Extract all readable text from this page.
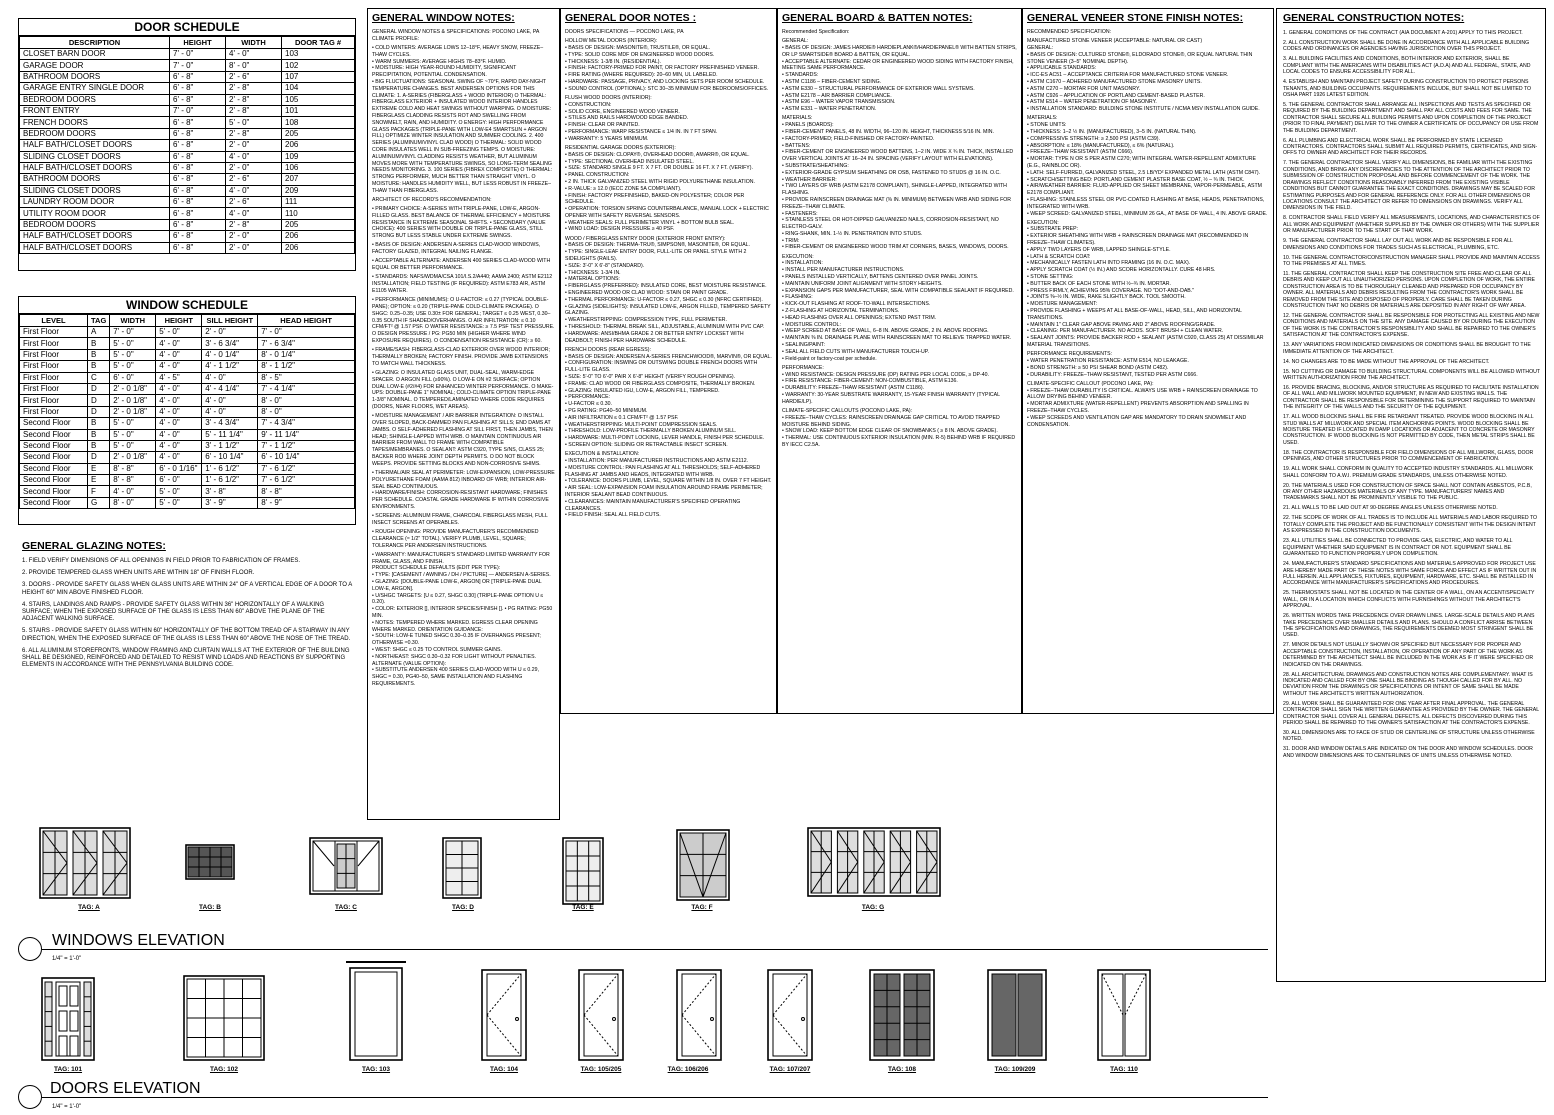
DOOR SCHEDULE
DESCRIPTION	HEIGHT	WIDTH	DOOR TAG #
CLOSET BARN DOOR	7' - 0"	4' - 0"	103
GARAGE DOOR	7' - 0"	8' - 0"	102
BATHROOM DOORS	6' - 8"	2' - 6"	107
GARAGE ENTRY SINGLE DOOR	6' - 8"	2' - 8"	104
BEDROOM DOORS	6' - 8"	2' - 8"	105
FRONT ENTRY	7' - 0"	2' - 8"	101
FRENCH DOORS	6' - 8"	5' - 0"	108
BEDROOM DOORS	6' - 8"	2' - 8"	205
HALF BATH/CLOSET DOORS	6' - 8"	2' - 0"	206
SLIDING CLOSET DOORS	6' - 8"	4' - 0"	109
HALF BATH/CLOSET DOORS	6' - 8"	2' - 0"	106
BATHROOM DOORS	6' - 8"	2' - 6"	207
SLIDING CLOSET DOORS	6' - 8"	4' - 0"	209
LAUNDRY ROOM DOOR	6' - 8"	2' - 6"	111
UTILITY ROOM DOOR	6' - 8"	4' - 0"	110
BEDROOM DOORS	6' - 8"	2' - 8"	205
HALF BATH/CLOSET DOORS	6' - 8"	2' - 0"	206
HALF BATH/CLOSET DOORS	6' - 8"	2' - 0"	206
WINDOW SCHEDULE
LEVEL	TAG	WIDTH	HEIGHT	SILL HEIGHT	HEAD HEIGHT
First Floor	A	7' - 0"	5' - 0"	2' - 0"	7' - 0"
First Floor	B	5' - 0"	4' - 0"	3' - 6 3/4"	7' - 6 3/4"
First Floor	B	5' - 0"	4' - 0"	4' - 0 1/4"	8' - 0 1/4"
First Floor	B	5' - 0"	4' - 0"	4' - 1 1/2"	8' - 1 1/2"
First Floor	C	6' - 0"	4' - 5"	4' - 0"	8' - 5"
First Floor	D	2' - 0 1/8"	4' - 0"	4' - 4 1/4"	7' - 4 1/4"
First Floor	D	2' - 0 1/8"	4' - 0"	4' - 0"	8' - 0"
First Floor	D	2' - 0 1/8"	4' - 0"	4' - 0"	8' - 0"
Second Floor	B	5' - 0"	4' - 0"	3' - 4 3/4"	7' - 4 3/4"
Second Floor	B	5' - 0"	4' - 0"	5' - 11 1/4"	9' - 11 1/4"
Second Floor	B	5' - 0"	4' - 0"	3' - 1 1/2"	7' - 1 1/2"
Second Floor	D	2' - 0 1/8"	4' - 0"	6' - 10 1/4"	6' - 10 1/4"
Second Floor	E	8' - 8"	6' - 0 1/16"	1' - 6 1/2"	7' - 6 1/2"
Second Floor	E	8' - 8"	6' - 0"	1' - 6 1/2"	7' - 6 1/2"
Second Floor	F	4' - 0"	5' - 0"	3' - 8"	8' - 8"
Second Floor	G	8' - 0"	5' - 0"	3' - 9"	8' - 9"
GENERAL GLAZING NOTES:

1. FIELD VERIFY DIMENSIONS OF ALL OPENINGS IN FIELD PRIOR TO FABRICATION OF FRAMES.

2. PROVIDE TEMPERED GLASS WHEN UNITS ARE WITHIN 18" OF FINISH FLOOR.

3. DOORS - PROVIDE SAFETY GLASS WHEN GLASS UNITS ARE WITHIN 24" OF A VERTICAL EDGE OF A DOOR TO A HEIGHT 60" MIN ABOVE FINISHED FLOOR.

4. STAIRS, LANDINGS AND RAMPS - PROVIDE SAFETY GLASS WITHIN 36" HORIZONTALLY OF A WALKING SURFACE; WHEN THE EXPOSED SURFACE OF THE GLASS IS LESS THAN 60" ABOVE THE PLANE OF THE ADJACENT WALKING SURFACE.

5. STAIRS - PROVIDE SAFETY GLASS WITHIN 60" HORIZONTALLY OF THE BOTTOM TREAD OF A STAIRWAY IN ANY DIRECTION, WHEN THE EXPOSED SURFACE OF THE GLASS IS LESS THAN 60" ABOVE THE NOSE OF THE TREAD.

6. ALL ALUMINUM STOREFRONTS, WINDOW FRAMING AND CURTAIN WALLS AT THE EXTERIOR OF THE BUILDING SHALL BE DESIGNED, REINFORCED AND DETAILED TO RESIST WIND LOADS AND REACTIONS BY SUPPORTING ELEMENTS IN ACCORDANCE WITH THE PENNSYLVANIA BUILDING CODE.

GENERAL WINDOW NOTES:

GENERAL WINDOW NOTES & SPECIFICATIONS: POCONO LAKE, PA
CLIMATE PROFILE:

• COLD WINTERS: AVERAGE LOWS 12–18°F, HEAVY SNOW, FREEZE–THAW CYCLES.
• WARM SUMMERS: AVERAGE HIGHS 78–83°F. HUMID.
• MOISTURE: HIGH YEAR-ROUND HUMIDITY, SIGNIFICANT PRECIPITATION, POTENTIAL CONDENSATION.
• BIG FLUCTUATIONS: SEASONAL SWING OF ~70°F, RAPID DAY-NIGHT TEMPERATURE CHANGES. BEST ANDERSEN OPTIONS FOR THIS CLIMATE: 1. A-SERIES (FIBERGLASS + WOOD INTERIOR) O THERMAL: FIBERGLASS EXTERIOR + INSULATED WOOD INTERIOR HANDLES EXTREME COLD AND HEAT SWINGS WITHOUT WARPING. O MOISTURE: FIBERGLASS CLADDING RESISTS ROT AND SWELLING FROM SNOWMELT, RAIN, AND HUMIDITY. O ENERGY: HIGH PERFORMANCE GLASS PACKAGES (TRIPLE-PANE WITH LOW-E4 SMARTSUN + ARGON FILL) OPTIMIZE WINTER INSULATION AND SUMMER COOLING. 2. 400 SERIES (ALUMINUM/VINYL CLAD WOOD) O THERMAL: SOLID WOOD CORE INSULATES WELL IN SUB-FREEZING TEMPS. O MOISTURE: ALUMINUM/VINYL CLADDING RESISTS WEATHER, BUT ALUMINUM MOVES MORE WITH TEMPERATURE SWINGS, SO LONG-TERM SEALING NEEDS MONITORING. 3. 100 SERIES (FIBREX COMPOSITE) O THERMAL: STRONG PERFORMER, MUCH BETTER THAN STRAIGHT VINYL. O MOISTURE: HANDLES HUMIDITY WELL, BUT LESS ROBUST IN FREEZE–THAW THAN FIBERGLASS.

ARCHITECT OF RECORD'S RECOMMENDATION:

• PRIMARY CHOICE: A-SERIES WITH TRIPLE-PANE, LOW-E, ARGON-FILLED GLASS. BEST BALANCE OF THERMAL EFFICIENCY + MOISTURE RESISTANCE IN EXTREME SEASONAL SHIFTS. • SECONDARY (VALUE CHOICE): 400 SERIES WITH DOUBLE OR TRIPLE-PANE GLASS, STILL STRONG BUT LESS STABLE UNDER EXTREME SWINGS.

• BASIS OF DESIGN: ANDERSEN A-SERIES CLAD-WOOD WINDOWS, FACTORY GLAZED, INTEGRAL NAILING FLANGE.

• ACCEPTABLE ALTERNATE: ANDERSEN 400 SERIES CLAD-WOOD WITH EQUAL OR BETTER PERFORMANCE.

• STANDARDS: NAFS/WDMA/CSA 101/I.S.2/A440; AAMA 2400; ASTM E2112 INSTALLATION; FIELD TESTING (IF REQUIRED): ASTM E783 AIR, ASTM E1105 WATER.

• PERFORMANCE (MINIMUMS): O U-FACTOR: ≤ 0.27 (TYPICAL DOUBLE-PANE); OPTION: ≤ 0.20 (TRIPLE-PANE COLD-CLIMATE PACKAGE). O SHGC: 0.25–0.35; USE 0.30± FOR GENERAL; TARGET ≤ 0.25 WEST, 0.30–0.35 SOUTH IF SHADED/OVERHANGS. O AIR INFILTRATION: ≤ 0.10 CFM/FT² @ 1.57 PSF. O WATER RESISTANCE: ≥ 7.5 PSF TEST PRESSURE. O DESIGN PRESSURE / PG: PG50 MIN (HIGHER WHERE WIND EXPOSURE REQUIRES). O CONDENSATION RESISTANCE (CR): ≥ 60.

• FRAME/SASH: FIBERGLASS-CLAD EXTERIOR OVER WOOD INTERIOR; THERMALLY BROKEN; FACTORY FINISH. PROVIDE JAMB EXTENSIONS TO MATCH WALL THICKNESS.

• GLAZING: O INSULATED GLASS UNIT, DUAL-SEAL, WARM-EDGE SPACER. O ARGON FILL (≥90%). O LOW-E ON #2 SURFACE; OPTION DUAL LOW-E (#2/#4) FOR ENHANCED WINTER PERFORMANCE. O MAKE-UPS: DOUBLE-PANE 1" NOMINAL; COLD-CLIMATE OPTION TRIPLE-PANE 1-3/8" NOMINAL. O TEMPERED/LAMINATED WHERE CODE REQUIRES (DOORS, NEAR FLOORS, WET AREAS).

• MOISTURE MANAGEMENT / AIR BARRIER INTEGRATION: O INSTALL OVER SLOPED, BACK-DAMMED PAN FLASHING AT SILLS; END DAMS AT JAMBS. O SELF-ADHERED FLASHING AT SILL FIRST, THEN JAMBS, THEN HEAD; SHINGLE-LAPPED WITH WRB. O MAINTAIN CONTINUOUS AIR BARRIER FROM WALL TO FRAME WITH COMPATIBLE TAPES/MEMBRANES. O SEALANT: ASTM C920, TYPE S/NS, CLASS 25; BACKER ROD WHERE JOINT DEPTH PERMITS. O DO NOT BLOCK WEEPS. PROVIDE SETTING BLOCKS AND NON-CORROSIVE SHIMS.

• THERMAL/AIR SEAL AT PERIMETER: LOW-EXPANSION, LOW-PRESSURE POLYURETHANE FOAM (AAMA 812) INBOARD OF WRB; INTERIOR AIR-SEAL BEAD CONTINUOUS.
• HARDWARE/FINISH: CORROSION-RESISTANT HARDWARE; FINISHES PER SCHEDULE. COASTAL GRADE HARDWARE IF WITHIN CORROSIVE ENVIRONMENTS.

• SCREENS: ALUMINUM FRAME, CHARCOAL FIBERGLASS MESH, FULL INSECT SCREENS AT OPERABLES.

• ROUGH OPENING: PROVIDE MANUFACTURER'S RECOMMENDED CLEARANCE (≈ 1/2" TOTAL). VERIFY PLUMB, LEVEL, SQUARE; TOLERANCE PER ANDERSEN INSTRUCTIONS.

• WARRANTY: MANUFACTURER'S STANDARD LIMITED WARRANTY FOR FRAME, GLASS, AND FINISH.
PRODUCT SCHEDULE DEFAULTS (EDIT PER TYPE):
• TYPE: [CASEMENT / AWNING / DH / PICTURE] — ANDERSEN A-SERIES.
• GLAZING: [DOUBLE-PANE LOW-E, ARGON] OR [TRIPLE-PANE DUAL LOW-E, ARGON].
• U/SHGC TARGETS: [U ≤ 0.27, SHGC 0.30] (TRIPLE-PANE OPTION U ≤ 0.20).
• COLOR: EXTERIOR [], INTERIOR SPECIES/FINISH []. • PG RATING: PG50 MIN.
• NOTES: TEMPERED WHERE MARKED. EGRESS CLEAR OPENING WHERE MARKED. ORIENTATION GUIDANCE:
• SOUTH: LOW-E TUNED SHGC 0.30–0.35 IF OVERHANGS PRESENT; OTHERWISE ≈0.30.
• WEST: SHGC ≤ 0.25 TO CONTROL SUMMER GAINS.
• NORTH/EAST: SHGC 0.30–0.32 FOR LIGHT WITHOUT PENALTIES. ALTERNATE (VALUE OPTION):
• SUBSTITUTE ANDERSEN 400 SERIES CLAD-WOOD WITH U ≤ 0.29, SHGC ≈ 0.30, PG40–50, SAME INSTALLATION AND FLASHING REQUIREMENTS.

GENERAL DOOR NOTES :

DOORS SPECIFICATIONS — POCONO LAKE, PA

HOLLOW METAL DOORS (INTERIOR):
• BASIS OF DESIGN: MASONITE®, TRUSTILE®, OR EQUAL.
• TYPE: SOLID CORE MDF OR ENGINEERED WOOD DOORS.
• THICKNESS: 1-3/8 IN. (RESIDENTIAL).
• FINISH: FACTORY-PRIMED FOR PAINT, OR FACTORY PREFINISHED VENEER.
• FIRE RATING (WHERE REQUIRED): 20–60 MIN, UL LABELED.
• HARDWARE: PASSAGE, PRIVACY, AND LOCKING SETS PER ROOM SCHEDULE.
• SOUND CONTROL (OPTIONAL): STC 30–35 MINIMUM FOR BEDROOMS/OFFICES.

FLUSH WOOD DOORS (INTERIOR):
• CONSTRUCTION:
• SOLID CORE, ENGINEERED WOOD VENEER.
• STILES AND RAILS HARDWOOD EDGE BANDED.
• FINISH: CLEAR OR PAINTED.
• PERFORMANCE: WARP RESISTANCE ≤ 1/4 IN. IN 7 FT SPAN.
• WARRANTY: 5 YEARS MINIMUM.

RESIDENTIAL GARAGE DOORS (EXTERIOR):
• BASIS OF DESIGN: CLOPAY®, OVERHEAD DOOR®, AMARR®, OR EQUAL.
• TYPE: SECTIONAL OVERHEAD INSULATED STEEL.
• SIZE: STANDARD SINGLE 9 FT. X 7 FT. OR DOUBLE 16 FT. X 7 FT. (VERIFY).
• PANEL CONSTRUCTION:
• 2 IN. THICK GALVANIZED STEEL WITH RIGID POLYURETHANE INSULATION.
• R-VALUE: ≥ 12.0 (IECC ZONE 5A COMPLIANT).
• FINISH: FACTORY PREFINISHED, BAKED-ON POLYESTER; COLOR PER SCHEDULE.
• OPERATION: TORSION SPRING COUNTERBALANCE, MANUAL LOCK + ELECTRIC OPENER WITH SAFETY REVERSAL SENSORS.
• WEATHER SEALS: FULL PERIMETER VINYL + BOTTOM BULB SEAL.
• WIND LOAD: DESIGN PRESSURE ≥ 40 PSF.

WOOD / FIBERGLASS ENTRY DOOR (EXTERIOR FRONT ENTRY):
• BASIS OF DESIGN: THERMA-TRU®, SIMPSON®, MASONITE®, OR EQUAL.
• TYPE: SINGLE-LEAF ENTRY DOOR, FULL-LITE OR PANEL STYLE WITH 2 SIDELIGHTS (RAILS).
• SIZE: 3'-0" X 6'-8" (STANDARD).
• THICKNESS: 1-3/4 IN.
• MATERIAL OPTIONS:
• FIBERGLASS (PREFERRED): INSULATED CORE, BEST MOISTURE RESISTANCE.
• ENGINEERED WOOD OR CLAD WOOD: STAIN OR PAINT GRADE.
• THERMAL PERFORMANCE: U-FACTOR ≤ 0.27, SHGC ≤ 0.30 (NFRC CERTIFIED).
• GLAZING (SIDELIGHTS): INSULATED LOW-E, ARGON FILLED, TEMPERED SAFETY GLAZING.
• WEATHERSTRIPPING: COMPRESSION TYPE, FULL PERIMETER.
• THRESHOLD: THERMAL BREAK SILL, ADJUSTABLE, ALUMINUM WITH PVC CAP.
• HARDWARE: ANSI/BHMA GRADE 2 OR BETTER ENTRY LOCKSET WITH DEADBOLT; FINISH PER HARDWARE SCHEDULE.

FRENCH DOORS (REAR EGRESS):
• BASIS OF DESIGN: ANDERSEN A-SERIES FRENCHWOOD®, MARVIN®, OR EQUAL.
• CONFIGURATION: INSWING OR OUTSWING DOUBLE FRENCH DOORS WITH FULL-LITE GLASS.
• SIZE: 5'-0" TO 6'-0" PAIR X 6'-8" HEIGHT (VERIFY ROUGH OPENING).
• FRAME: CLAD WOOD OR FIBERGLASS COMPOSITE, THERMALLY BROKEN.
• GLAZING: INSULATED IGU, LOW-E, ARGON FILL, TEMPERED.
• PERFORMANCE:
• U-FACTOR ≤ 0.30.
• PG RATING: PG40–50 MINIMUM.
• AIR INFILTRATION ≤ 0.1 CFM/FT² @ 1.57 PSF.
• WEATHERSTRIPPING: MULTI-POINT COMPRESSION SEALS.
• THRESHOLD: LOW-PROFILE THERMALLY BROKEN ALUMINUM SILL.
• HARDWARE: MULTI-POINT LOCKING, LEVER HANDLE, FINISH PER SCHEDULE.
• SCREEN OPTION: SLIDING OR RETRACTABLE INSECT SCREEN.

EXECUTION & INSTALLATION:
• INSTALLATION: PER MANUFACTURER INSTRUCTIONS AND ASTM E2112.
• MOISTURE CONTROL: PAN FLASHING AT ALL THRESHOLDS; SELF-ADHERED FLASHING AT JAMBS AND HEADS, INTEGRATED WITH WRB.
• TOLERANCE: DOORS PLUMB, LEVEL, SQUARE WITHIN 1/8 IN. OVER 7 FT HEIGHT.
• AIR SEAL: LOW-EXPANSION FOAM INSULATION AROUND FRAME PERIMETER; INTERIOR SEALANT BEAD CONTINUOUS.
• CLEARANCES: MAINTAIN MANUFACTURER'S SPECIFIED OPERATING CLEARANCES.
• FIELD FINISH: SEAL ALL FIELD CUTS.

GENERAL BOARD & BATTEN NOTES:

Recommended Specification:

GENERAL:
• BASIS OF DESIGN: JAMES HARDIE® HARDIEPLANK®/HARDIEPANEL® WITH BATTEN STRIPS, OR LP SMARTSIDE® BOARD & BATTEN, OR EQUAL.
• ACCEPTABLE ALTERNATE: CEDAR OR ENGINEERED WOOD SIDING WITH FACTORY FINISH, MEETING SAME PERFORMANCE.
• STANDARDS:
• ASTM C1186 – FIBER-CEMENT SIDING.
• ASTM E330 – STRUCTURAL PERFORMANCE OF EXTERIOR WALL SYSTEMS.
• ASTM E2178 – AIR BARRIER COMPLIANCE.
• ASTM E96 – WATER VAPOR TRANSMISSION.
• ASTM E331 – WATER PENETRATION.

MATERIALS:
• PANELS (BOARDS):
• FIBER-CEMENT PANELS, 48 IN. WIDTH, 96–120 IN. HEIGHT, THICKNESS 5/16 IN. MIN.
• FACTORY-PRIMED; FIELD-FINISHED OR FACTORY-PAINTED.
• BATTENS:
• FIBER-CEMENT OR ENGINEERED WOOD BATTENS, 1–2 IN. WIDE X ¾ IN. THICK, INSTALLED OVER VERTICAL JOINTS AT 16–24 IN. SPACING (VERIFY LAYOUT WITH ELEVATIONS).
• SUBSTRATE/SHEATHING:
• EXTERIOR-GRADE GYPSUM SHEATHING OR OSB, FASTENED TO STUDS @ 16 IN. O.C.
• WEATHER BARRIER:
• TWO LAYERS OF WRB (ASTM E2178 COMPLIANT), SHINGLE-LAPPED, INTEGRATED WITH FLASHING.
• PROVIDE RAINSCREEN DRAINAGE MAT (⅜ IN. MINIMUM) BETWEEN WRB AND SIDING FOR FREEZE–THAW CLIMATE.
• FASTENERS:
• STAINLESS STEEL OR HOT-DIPPED GALVANIZED NAILS, CORROSION-RESISTANT, NO ELECTRO-GALV.
• RING-SHANK, MIN. 1-½ IN. PENETRATION INTO STUDS.
• TRIM:
• FIBER-CEMENT OR ENGINEERED WOOD TRIM AT CORNERS, BASES, WINDOWS, DOORS.

EXECUTION:
• INSTALLATION:
• INSTALL PER MANUFACTURER INSTRUCTIONS.
• PANELS INSTALLED VERTICALLY, BATTENS CENTERED OVER PANEL JOINTS.
• MAINTAIN UNIFORM JOINT ALIGNMENT WITH STORY HEIGHTS.
• EXPANSION GAPS PER MANUFACTURER, SEAL WITH COMPATIBLE SEALANT IF REQUIRED.
• FLASHING:
• KICK-OUT FLASHING AT ROOF-TO-WALL INTERSECTIONS.
• Z-FLASHING AT HORIZONTAL TERMINATIONS.
• HEAD FLASHING OVER ALL OPENINGS; EXTEND PAST TRIM.
• MOISTURE CONTROL:
• WEEP SCREED AT BASE OF WALL, 6–8 IN. ABOVE GRADE, 2 IN. ABOVE ROOFING.
• MAINTAIN ⅜ IN. DRAINAGE PLANE WITH RAINSCREEN MAT TO RELIEVE TRAPPED WATER.
• SEALING/PAINT:
• SEAL ALL FIELD CUTS WITH MANUFACTURER TOUCH-UP.
• Field-paint or factory-coat per schedule.

PERFORMANCE:
• WIND RESISTANCE: DESIGN PRESSURE (DP) RATING PER LOCAL CODE, ≥ DP-40.
• FIRE RESISTANCE: FIBER-CEMENT: NON-COMBUSTIBLE, ASTM E136.
• DURABILITY: FREEZE–THAW RESISTANT (ASTM C1186).
• WARRANTY: 30-YEAR SUBSTRATE WARRANTY, 15-YEAR FINISH WARRANTY (TYPICAL HARDIE/LP).

CLIMATE-SPECIFIC CALLOUTS (POCONO LAKE, PA):
• FREEZE–THAW CYCLES: RAINSCREEN DRAINAGE GAP CRITICAL TO AVOID TRAPPED MOISTURE BEHIND SIDING.
• SNOW LOAD: KEEP BOTTOM EDGE CLEAR OF SNOWBANKS ( ≥ 8 IN. ABOVE GRADE).
• THERMAL: USE CONTINUOUS EXTERIOR INSULATION (MIN. R-5) BEHIND WRB IF REQUIRED BY IECC C2.5A.

GENERAL VENEER STONE FINISH NOTES:

RECOMMENDED SPECIFICATION:

MANUFACTURED STONE VENEER (ACCEPTABLE: NATURAL OR CAST)
GENERAL:
• BASIS OF DESIGN: CULTURED STONE®, ELDORADO STONE®, OR EQUAL NATURAL THIN STONE VENEER (3–5" NOMINAL DEPTH).
• APPLICABLE STANDARDS:
• ICC-ES AC51 – ACCEPTANCE CRITERIA FOR MANUFACTURED STONE VENEER.
• ASTM C1670 – ADHERED MANUFACTURED STONE MASONRY UNITS.
• ASTM C270 – MORTAR FOR UNIT MASONRY.
• ASTM C926 – APPLICATION OF PORTLAND CEMENT-BASED PLASTER.
• ASTM E514 – WATER PENETRATION OF MASONRY.
• INSTALLATION STANDARD: BUILDING STONE INSTITUTE / NCMA MSV INSTALLATION GUIDE.

MATERIALS:
• STONE UNITS:
• THICKNESS: 1–2 ½ IN. (MANUFACTURED), 3–5 IN. (NATURAL THIN).
• COMPRESSIVE STRENGTH: ≥ 2,500 PSI (ASTM C39).
• ABSORPTION: ≤ 18% (MANUFACTURED), ≤ 6% (NATURAL).
• FREEZE–THAW RESISTANT (ASTM C666).
• MORTAR: TYPE N OR S PER ASTM C270; WITH INTEGRAL WATER-REPELLENT ADMIXTURE (E.G., RAINBLOC OR).
• LATH: SELF-FURRED, GALVANIZED STEEL, 2.5 LB/YD² EXPANDED METAL LATH (ASTM C847).
• SCRATCH/SETTING BED: PORTLAND CEMENT PLASTER BASE COAT, ½ – ¾ IN. THICK.
• AIR/WEATHER BARRIER: FLUID-APPLIED OR SHEET MEMBRANE, VAPOR-PERMEABLE, ASTM E2178 COMPLIANT.
• FLASHING: STAINLESS STEEL OR PVC-COATED FLASHING AT BASE, HEADS, PENETRATIONS, INTEGRATED WITH WRB.
• WEEP SCREED: GALVANIZED STEEL, MINIMUM 26 GA., AT BASE OF WALL, 4 IN. ABOVE GRADE.

EXECUTION:
• SUBSTRATE PREP:
• EXTERIOR SHEATHING WITH WRB + RAINSCREEN DRAINAGE MAT (RECOMMENDED IN FREEZE–THAW CLIMATES).
• APPLY TWO LAYERS OF WRB, LAPPED SHINGLE-STYLE.
• LATH & SCRATCH COAT:
• MECHANICALLY FASTEN LATH INTO FRAMING (16 IN. O.C. MAX).
• APPLY SCRATCH COAT (½ IN.) AND SCORE HORIZONTALLY. CURE 48 HRS.
• STONE SETTING:
• BUTTER BACK OF EACH STONE WITH ½–¾ IN. MORTAR.
• PRESS FIRMLY, ACHIEVING 95% COVERAGE. NO "DOT-AND-DAB."
• JOINTS ⅜–½ IN. WIDE, RAKE SLIGHTLY BACK. TOOL SMOOTH.
• MOISTURE MANAGEMENT:
• PROVIDE FLASHING + WEEPS AT ALL BASE-OF-WALL, HEAD, SILL, AND HORIZONTAL TRANSITIONS.
• MAINTAIN 1" CLEAR GAP ABOVE PAVING AND 2" ABOVE ROOFING/GRADE.
• CLEANING: PER MANUFACTURER. NO ACIDS. SOFT BRUSH + CLEAN WATER.
• SEALANT JOINTS: PROVIDE BACKER ROD + SEALANT (ASTM C920, CLASS 25) AT DISSIMILAR MATERIAL TRANSITIONS.

PERFORMANCE REQUIREMENTS:
• WATER PENETRATION RESISTANCE: ASTM E514, NO LEAKAGE.
• BOND STRENGTH: ≥ 50 PSI SHEAR BOND (ASTM C482).
• DURABILITY: FREEZE–THAW RESISTANT, TESTED PER ASTM C666.

CLIMATE-SPECIFIC CALLOUT (POCONO LAKE, PA):
• FREEZE–THAW DURABILITY IS CRITICAL. ALWAYS USE WRB + RAINSCREEN DRAINAGE TO ALLOW DRYING BEHIND VENEER.
• MORTAR ADMIXTURE (WATER-REPELLENT) PREVENTS ABSORPTION AND SPALLING IN FREEZE–THAW CYCLES.
• WEEP SCREEDS AND VENTILATION GAP ARE MANDATORY TO DRAIN SNOWMELT AND CONDENSATION.

GENERAL CONSTRUCTION NOTES:

1. GENERAL CONDITIONS OF THE CONTRACT (AIA DOCUMENT A-201) APPLY TO THIS PROJECT.

2. ALL CONSTRUCTION WORK SHALL BE DONE IN ACCORDANCE WITH ALL APPLICABLE BUILDING CODES AND ORDINANCES OR AGENCIES HAVING JURISDICTION OVER THIS PROJECT.

3. ALL BUILDING FACILITIES AND CONDITIONS, BOTH INTERIOR AND EXTERIOR, SHALL BE COMPLIANT WITH THE AMERICANS WITH DISABILITIES ACT (A.D.A) AND ALL FEDERAL, STATE, AND LOCAL CODES TO ENSURE ACCESSIBILITY FOR ALL.

4. ESTABLISH AND MAINTAIN PROJECT SAFETY DURING CONSTRUCTION TO PROTECT PERSONS TENANTS, AND BUILDING OCCUPANTS. REQUIREMENTS INCLUDE, BUT SHALL NOT BE LIMITED TO OSHA PART 1926 LATEST EDITION.

5. THE GENERAL CONTRACTOR SHALL ARRANGE ALL INSPECTIONS AND TESTS AS SPECIFIED OR REQUIRED BY THE BUILDING DEPARTMENT AND SHALL PAY ALL COSTS AND FEES FOR SAME. THE CONTRACTOR SHALL SECURE ALL BUILDING PERMITS AND UPON COMPLETION OF THE PROJECT (PRIOR TO FINAL PAYMENT) DELIVER TO THE OWNER A CERTIFICATE OF OCCUPANCY OR USE FROM THE BUILDING DEPARTMENT.

6. ALL PLUMBING AND ELECTRICAL WORK SHALL BE PERFORMED BY STATE LICENSED CONTRACTORS. CONTRACTORS SHALL SUBMIT ALL REQUIRED PERMITS, CERTIFICATES, AND SIGN-OFFS TO OWNER AND ARCHITECT FOR THEIR RECORDS.

7. THE GENERAL CONTRACTOR SHALL VERIFY ALL DIMENSIONS, BE FAMILIAR WITH THE EXISTING CONDITIONS, AND BRING ANY DISCREPANCIES TO THE ATTENTION OF THE ARCHITECT PRIOR TO SUBMISSION OF CONSTRUCTION PROPOSAL AND BEFORE COMMENCEMENT OF THE WORK. THE DRAWINGS REFLECT CONDITIONS REASONABLY INFERRED FROM THE EXISTING VISIBLE CONDITIONS BUT CANNOT GUARANTEE THE EXACT CONDITIONS. DRAWINGS MAY BE SCALED FOR ESTIMATING PURPOSES AND FOR GENERAL REFERENCE ONLY. FOR ALL OTHER DIMENSIONS OR LOCATIONS CONSULT THE ARCHITECT OR REFER TO DIMENSIONS ON DRAWINGS. VERIFY ALL DIMENSIONS IN THE FIELD.

8. CONTRACTOR SHALL FIELD VERIFY ALL MEASUREMENTS, LOCATIONS, AND CHARACTERISTICS OF ALL WORK AND EQUIPMENT (WHETHER SUPPLIED BY THE OWNER OR OTHERS) WITH THE SUPPLIER OR MANUFACTURER PRIOR TO THE START OF THAT WORK.

9. THE GENERAL CONTRACTOR SHALL LAY OUT ALL WORK AND BE RESPONSIBLE FOR ALL DIMENSIONS AND CONDITIONS FOR TRADES SUCH AS ELECTRICAL, PLUMBING, ETC.

10. THE GENERAL CONTRACTOR/CONSTRUCTION MANAGER SHALL PROVIDE AND MAINTAIN ACCESS TO THE PREMISES AT ALL TIMES.

11. THE GENERAL CONTRACTOR SHALL KEEP THE CONSTRUCTION SITE FREE AND CLEAR OF ALL DEBRIS AND KEEP OUT ALL UNAUTHORIZED PERSONS. UPON COMPLETION OF WORK, THE ENTIRE CONSTRUCTION AREA IS TO BE THOROUGHLY CLEANED AND PREPARED FOR OCCUPANCY BY OWNER. ALL MATERIALS AND DEBRIS RESULTING FROM THE CONTRACTOR'S WORK SHALL BE REMOVED FROM THE SITE AND DISPOSED OF PROPERLY. CARE SHALL BE TAKEN DURING CONSTRUCTION THAT NO DEBRIS OR MATERIALS ARE DEPOSITED IN ANY RIGHT OF WAY AREA.

12. THE GENERAL CONTRACTOR SHALL BE RESPONSIBLE FOR PROTECTING ALL EXISTING AND NEW CONDITIONS AND MATERIALS ON THE SITE. ANY DAMAGE CAUSED BY OR DURING THE EXECUTION OF THE WORK IS THE CONTRACTOR'S RESPONSIBILITY AND SHALL BE REPAIRED TO THE OWNER'S SATISFACTION AT THE CONTRACTOR'S EXPENSE.

13. ANY VARIATIONS FROM INDICATED DIMENSIONS OR CONDITIONS SHALL BE BROUGHT TO THE IMMEDIATE ATTENTION OF THE ARCHITECT.

14. NO CHANGES ARE TO BE MADE WITHOUT THE APPROVAL OF THE ARCHITECT.

15. NO CUTTING OR DAMAGE TO BUILDING STRUCTURAL COMPONENTS WILL BE ALLOWED WITHOUT WRITTEN AUTHORIZATION FROM THE ARCHITECT.

16. PROVIDE BRACING, BLOCKING, AND/OR STRUCTURE AS REQUIRED TO FACILITATE INSTALLATION OF ALL WALL AND MILLWORK MOUNTED EQUIPMENT, IN NEW AND EXISTING WALLS. THE CONTRACTOR SHALL BE RESPONSIBLE FOR DETERMINING THE SUPPORT REQUIRED TO MAINTAIN THE INTEGRITY OF THE WALLS AND THE SECURITY OF THE EQUIPMENT.

17. ALL WOOD BLOCKING SHALL BE FIRE RETARDANT TREATED. PROVIDE WOOD BLOCKING IN ALL STUD WALLS AT MILLWORK AND SPECIAL ITEM ANCHORING POINTS. WOOD BLOCKING SHALL BE MOISTURE TREATED IF LOCATED IN DAMP LOCATIONS OR ADJACENT TO CONCRETE OR MASONRY CONSTRUCTION. IF WOOD BLOCKING IS NOT PERMITTED BY CODE, THEN METAL STRIPS SHALL BE USED.

18. THE CONTRACTOR IS RESPONSIBLE FOR FIELD DIMENSIONS OF ALL MILLWORK, GLASS, DOOR OPENINGS, AND OTHER STRUCTURES PRIOR TO COMMENCEMENT OF FABRICATION.

19. ALL WORK SHALL CONFORM IN QUALITY TO ACCEPTED INDUSTRY STANDARDS. ALL MILLWORK SHALL CONFORM TO A.W.I. PREMIUM GRADE STANDARDS, UNLESS OTHERWISE NOTED.

20. THE MATERIALS USED FOR CONSTRUCTION OF SPACE SHALL NOT CONTAIN ASBESTOS, P.C.B, OR ANY OTHER HAZARDOUS MATERIALS OF ANY TYPE. MANUFACTURERS' NAMES AND TRADEMARKS SHALL NOT BE PROMINENTLY VISIBLE TO THE PUBLIC.

21. ALL WALLS TO BE LAID OUT AT 90-DEGREE ANGLES UNLESS OTHERWISE NOTED.

22. THE SCOPE OF WORK OF ALL TRADES IS TO INCLUDE ALL MATERIALS AND LABOR REQUIRED TO TOTALLY COMPLETE THE PROJECT AND BE FUNCTIONALLY CONSISTENT WITH THE DESIGN INTENT AS EXPRESSED IN THE CONSTRUCTION DOCUMENTS.

23. ALL UTILITIES SHALL BE CONNECTED TO PROVIDE GAS, ELECTRIC, AND WATER TO ALL EQUIPMENT WHETHER SAID EQUIPMENT IS IN CONTRACT OR NOT. EQUIPMENT SHALL BE GUARANTEED TO FUNCTION PROPERLY UPON COMPLETION.

24. MANUFACTURER'S STANDARD SPECIFICATIONS AND MATERIALS APPROVED FOR PROJECT USE ARE HEREBY MADE PART OF THESE NOTES WITH SAME FORCE AND EFFECT AS IF WRITTEN OUT IN FULL HEREIN. ALL APPLIANCES, FIXTURES, EQUIPMENT, HARDWARE, ETC. SHALL BE INSTALLED IN ACCORDANCE WITH MANUFACTURER'S SPECIFICATIONS AND PROCEDURES.

25. THERMOSTATS SHALL NOT BE LOCATED IN THE CENTER OF A WALL, ON AN ACCENT/SPECIALTY WALL, OR IN A LOCATION WHICH CONFLICTS WITH FURNISHINGS WITHOUT THE ARCHITECT'S APPROVAL.

26. WRITTEN WORDS TAKE PRECEDENCE OVER DRAWN LINES. LARGE-SCALE DETAILS AND PLANS TAKE PRECEDENCE OVER SMALLER DETAILS AND PLANS. SHOULD A CONFLICT ARRISE BETWEEN THE SPECIFICATIONS AND DRAWINGS, THE REQUIREMENTS DEEMED MOST STRINGENT SHALL BE USED.

27. MINOR DETAILS NOT USUALLY SHOWN OR SPECIFIED BUT NECESSARY FOR PROPER AND ACCEPTABLE CONSTRUCTION, INSTALLATION, OR OPERATION OF ANY PART OF THE WORK AS DETERMINED BY THE ARCHITECT SHALL BE INCLUDED IN THE WORK AS IF IT WERE SPECIFIED OR INDICATED ON THE DRAWINGS.

28. ALL ARCHITECTURAL DRAWINGS AND CONSTRUCTION NOTES ARE COMPLEMENTARY. WHAT IS INDICATED AND CALLED FOR BY ONE SHALL BE BINDING AS THOUGH CALLED FOR BY ALL. NO DEVIATION FROM THE DRAWINGS OR SPECIFICATIONS OR INTENT OF SAME SHALL BE MADE WITHOUT THE ARCHITECT'S WRITTEN AUTHORIZATION.

29. ALL WORK SHALL BE GUARANTEED FOR ONE YEAR AFTER FINAL APPROVAL. THE GENERAL CONTRACTOR SHALL SIGN THE WRITTEN GUARANTEE AS PROVIDED BY THE OWNER. THE GENERAL CONTRACTOR SHALL COVER ALL GENERAL DEFECTS. ALL DEFECTS DISCOVERED DURING THIS PERIOD SHALL BE REPAIRED TO THE OWNER'S SATISFACTION AT THE CONTRACTOR'S EXPENSE.

30. ALL DIMENSIONS ARE TO FACE OF STUD OR CENTERLINE OF STRUCTURE UNLESS OTHERWISE NOTED.

31. DOOR AND WINDOW DETAILS ARE INDICATED ON THE DOOR AND WINDOW SCHEDULES. DOOR AND WINDOW DIMENSIONS ARE TO CENTERLINES OF UNITS UNLESS OTHERWISE NOTED.

WINDOWS ELEVATION
1/4" = 1'-0"
DOORS ELEVATION
1/4" = 1'-0"
TAG: A	TAG: B	TAG: C	TAG: D	TAG: E	TAG: F	TAG: G
TAG: 101	TAG: 102	TAG: 103	TAG: 104	TAG: 105/205	TAG: 106/206	TAG: 107/207	TAG: 108	TAG: 109/209	TAG: 110
